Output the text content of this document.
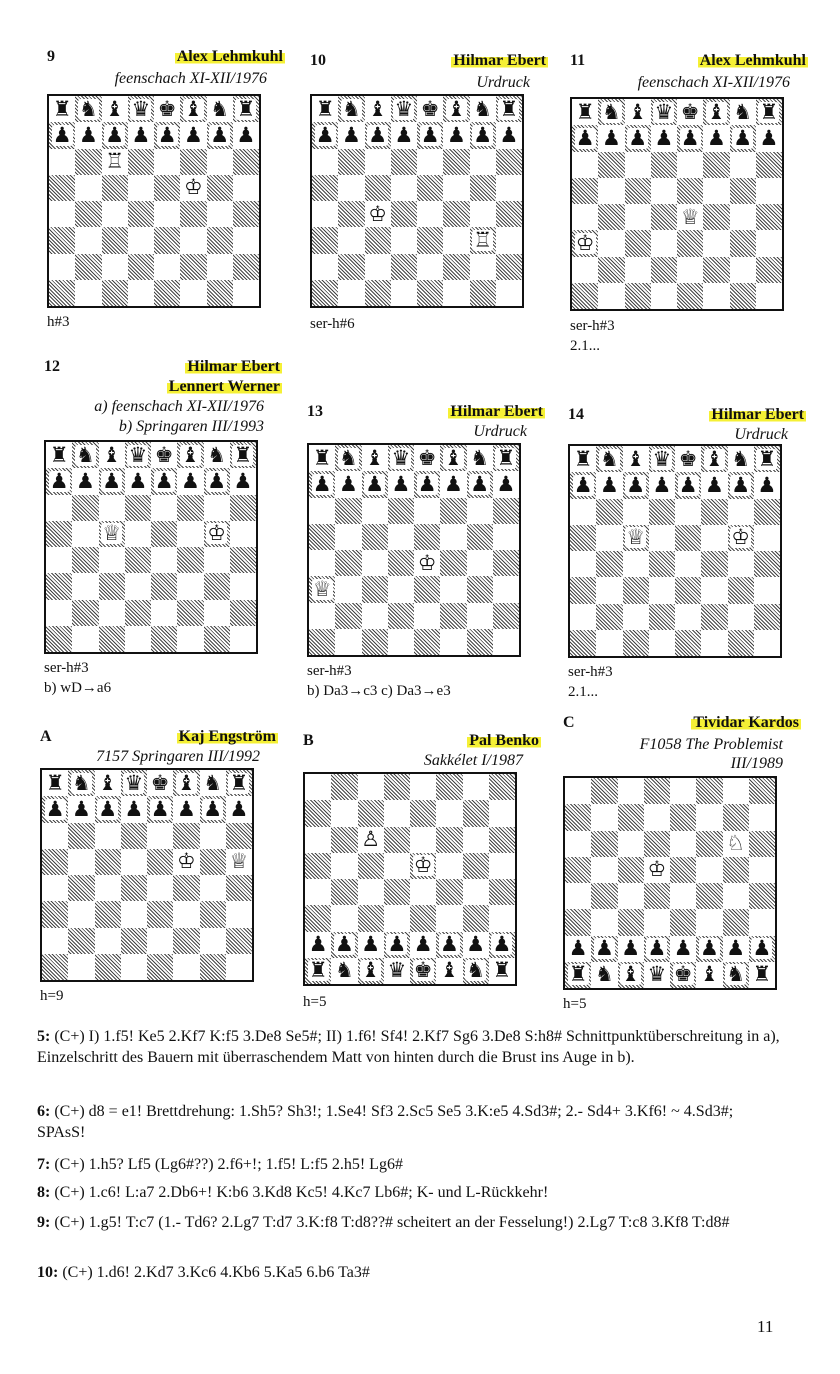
9	Alex Lehmkuhl
feenschach XI-XII/1976
♜ ♞ ♝ ♛ ♚ ♝ ♞ ♜
♟ ♟ ♟ ♟ ♟ ♟ ♟ ♟
♖
♔
h#3
10	Hilmar Ebert
Urdruck
♜ ♞ ♝ ♛ ♚ ♝ ♞ ♜
♟ ♟ ♟ ♟ ♟ ♟ ♟ ♟
♔
♖
ser-h#6
11	Alex Lehmkuhl
feenschach XI-XII/1976
♜ ♞ ♝ ♛ ♚ ♝ ♞ ♜
♟ ♟ ♟ ♟ ♟ ♟ ♟ ♟
♕
♔
ser-h#3
2.1...
12	Hilmar Ebert
Lennert Werner
a) feenschach XI-XII/1976
b) Springaren III/1993
♜ ♞ ♝ ♛ ♚ ♝ ♞ ♜
♟ ♟ ♟ ♟ ♟ ♟ ♟ ♟
♕	♔
ser-h#3
b) wD→a6
13	Hilmar Ebert
Urdruck
♜ ♞ ♝ ♛ ♚ ♝ ♞ ♜
♟ ♟ ♟ ♟ ♟ ♟ ♟ ♟
♔
♕
ser-h#3
b) Da3→c3 c) Da3→e3
14	Hilmar Ebert
Urdruck
♜ ♞ ♝ ♛ ♚ ♝ ♞ ♜
♟ ♟ ♟ ♟ ♟ ♟ ♟ ♟
♕	♔
ser-h#3
2.1...
A	Kaj Engström
7157 Springaren III/1992
♜ ♞ ♝ ♛ ♚ ♝ ♞ ♜
♟ ♟ ♟ ♟ ♟ ♟ ♟ ♟
♔ ♕
h=9
B	Pal Benko
Sakkélet I/1987
♙
♔
♟ ♟ ♟ ♟ ♟ ♟ ♟ ♟
♜ ♞ ♝ ♛ ♚ ♝ ♞ ♜
h=5
C	Tividar Kardos
F1058 The Problemist
III/1989
♘
♔
♟ ♟ ♟ ♟ ♟ ♟ ♟ ♟
♜ ♞ ♝ ♛ ♚ ♝ ♞ ♜
h=5
5: (C+) I) 1.f5! Ke5 2.Kf7 K:f5 3.De8 Se5#; II) 1.f6! Sf4! 2.Kf7 Sg6 3.De8 S:h8# Schnittpunktüberschreitung in a), Einzelschritt des Bauern mit überraschendem Matt von hinten durch die Brust ins Auge in b).
6: (C+) d8 = e1! Brettdrehung: 1.Sh5? Sh3!; 1.Se4! Sf3 2.Sc5 Se5 3.K:e5 4.Sd3#; 2.- Sd4+ 3.Kf6! ~ 4.Sd3#; SPAsS!
7: (C+) 1.h5? Lf5 (Lg6#??) 2.f6+!; 1.f5! L:f5 2.h5! Lg6#
8: (C+) 1.c6! L:a7 2.Db6+! K:b6 3.Kd8 Kc5! 4.Kc7 Lb6#; K- und L-Rückkehr!
9: (C+) 1.g5! T:c7 (1.- Td6? 2.Lg7 T:d7 3.K:f8 T:d8??# scheitert an der Fesselung!) 2.Lg7 T:c8 3.Kf8 T:d8#
10: (C+) 1.d6! 2.Kd7 3.Kc6 4.Kb6 5.Ka5 6.b6 Ta3#
11
